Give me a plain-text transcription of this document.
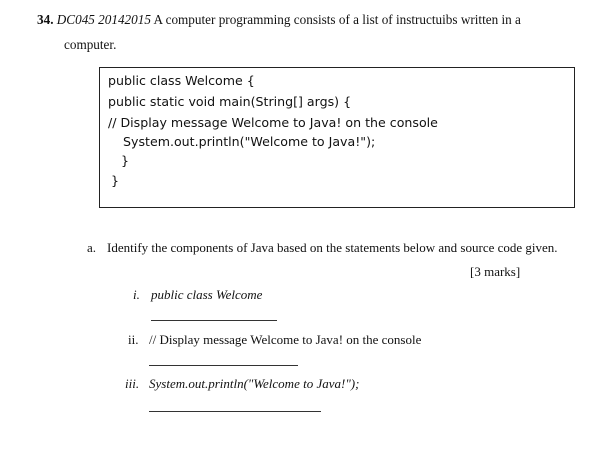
34. DC045 20142015 A computer programming consists of a list of instructuibs written in a
computer.
public class Welcome {
public static void main(String[] args) {
// Display message Welcome to Java! on the console
System.out.println("Welcome to Java!");
}
}
a. Identify the components of Java based on the statements below and source code given.
[3 marks]
i. public class Welcome
ii. // Display message Welcome to Java! on the console
iii. System.out.println("Welcome to Java!");
